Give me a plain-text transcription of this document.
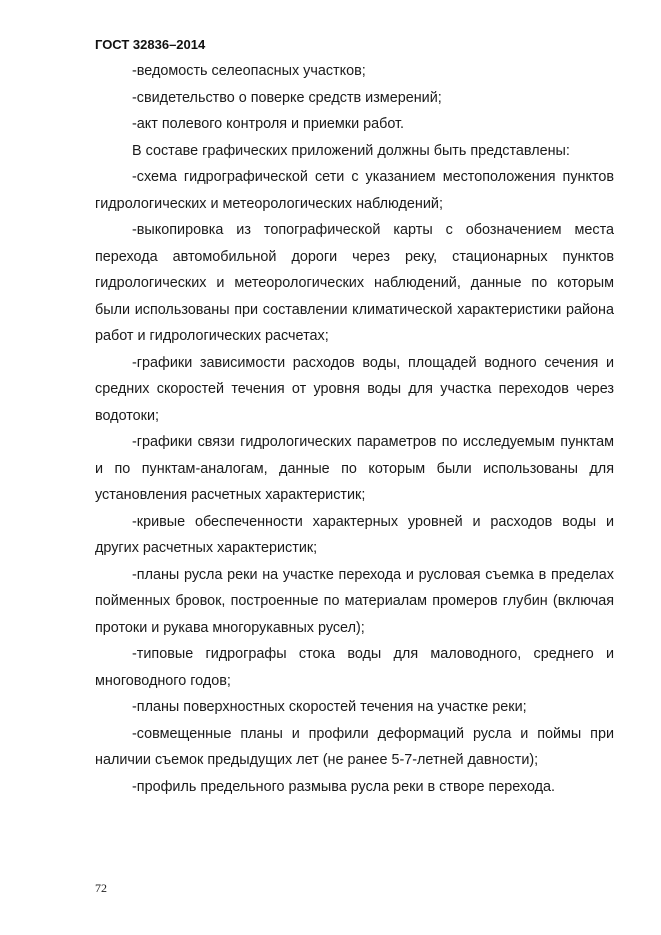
ГОСТ 32836–2014

-ведомость селеопасных участков;

-свидетельство о поверке средств измерений;

-акт полевого контроля и приемки работ.

В составе графических приложений должны быть представлены:

-схема гидрографической сети с указанием местоположения пунктов гидрологических и метеорологических наблюдений;

-выкопировка из топографической карты с обозначением места перехода автомобильной дороги через реку, стационарных пунктов гидрологических и метеорологических наблюдений, данные по которым были использованы при составлении климатической характеристики района работ и гидрологических расчетах;

-графики зависимости расходов воды, площадей водного сечения и средних скоростей течения от уровня воды для участка переходов через водотоки;

-графики связи гидрологических параметров по исследуемым пунктам и по пунктам-аналогам, данные по которым были использованы для установления расчетных характеристик;

-кривые обеспеченности характерных уровней и расходов воды и других расчетных характеристик;

-планы русла реки на участке перехода и русловая съемка в пределах пойменных бровок, построенные по материалам промеров глубин (включая протоки и рукава многорукавных русел);

-типовые гидрографы стока воды для маловодного, среднего и многоводного годов;

-планы поверхностных скоростей течения на участке реки;

-совмещенные планы и профили деформаций русла и поймы при наличии съемок предыдущих лет (не ранее 5-7-летней давности);

-профиль предельного размыва русла реки в створе перехода.

72
